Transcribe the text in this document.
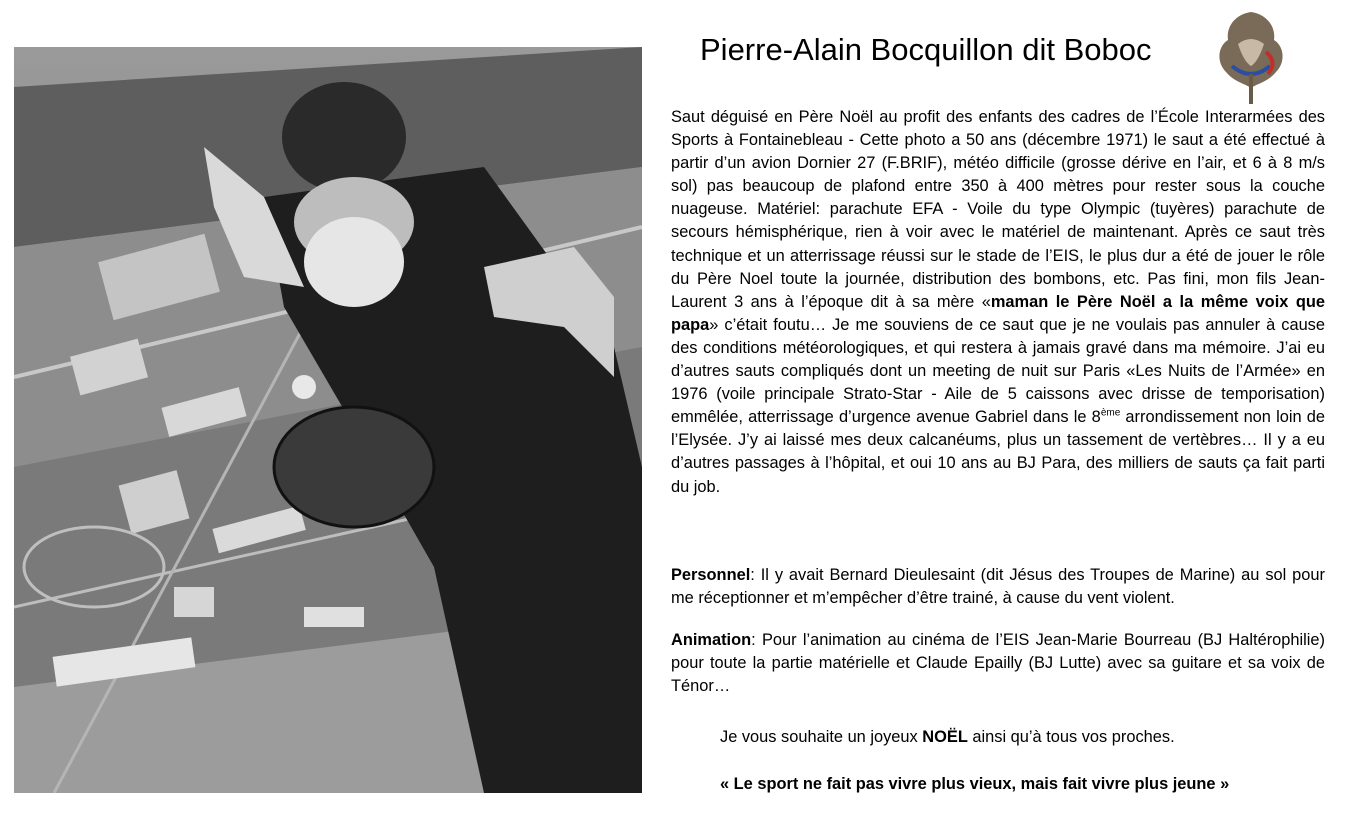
Pierre-Alain Bocquillon dit Boboc
Saut déguisé en Père Noël au profit des enfants des cadres de l’École Interarmées des Sports à Fontainebleau - Cette photo a 50 ans (décembre 1971) le saut a été effectué à partir d’un avion Dornier 27 (F.BRIF), météo difficile (grosse dérive en l’air, et 6 à 8 m/s sol) pas beaucoup de plafond entre 350 à 400 mètres pour rester sous la couche nuageuse. Matériel: parachute EFA - Voile du type Olympic (tuyères) parachute de secours hémisphérique, rien à voir avec le matériel de maintenant. Après ce saut très technique et un atterrissage réussi sur le stade de l’EIS, le plus dur a été de jouer le rôle du Père Noel toute la journée, distribution des bombons, etc. Pas fini, mon fils Jean-Laurent 3 ans à l’époque dit à sa mère «maman le Père Noël a la même voix que papa» c’était foutu… Je me souviens de ce saut que je ne voulais pas annuler à cause des conditions météorologiques, et qui restera à jamais gravé dans ma mémoire. J’ai eu d’autres sauts compliqués dont un meeting de nuit sur Paris «Les Nuits de l’Armée» en 1976 (voile principale Strato-Star - Aile de 5 caissons avec drisse de temporisation) emmêlée, atterrissage d’urgence avenue Gabriel dans le 8ème arrondissement non loin de l’Elysée. J’y ai laissé mes deux calcanéums, plus un tassement de vertèbres… Il y a eu d’autres passages à l’hôpital, et oui 10 ans au BJ Para, des milliers de sauts ça fait parti du job.
Personnel: Il y avait Bernard Dieulesaint (dit Jésus des Troupes de Marine) au sol pour me réceptionner et m’empêcher d’être trainé, à cause du vent violent.
Animation: Pour l’animation au cinéma de l’EIS Jean-Marie Bourreau (BJ Haltérophilie) pour toute la partie matérielle et Claude Epailly (BJ Lutte) avec sa guitare et sa voix de Ténor…
Je vous souhaite un joyeux NOËL ainsi qu’à tous vos proches.
« Le sport ne fait pas vivre plus vieux, mais fait vivre plus jeune »
